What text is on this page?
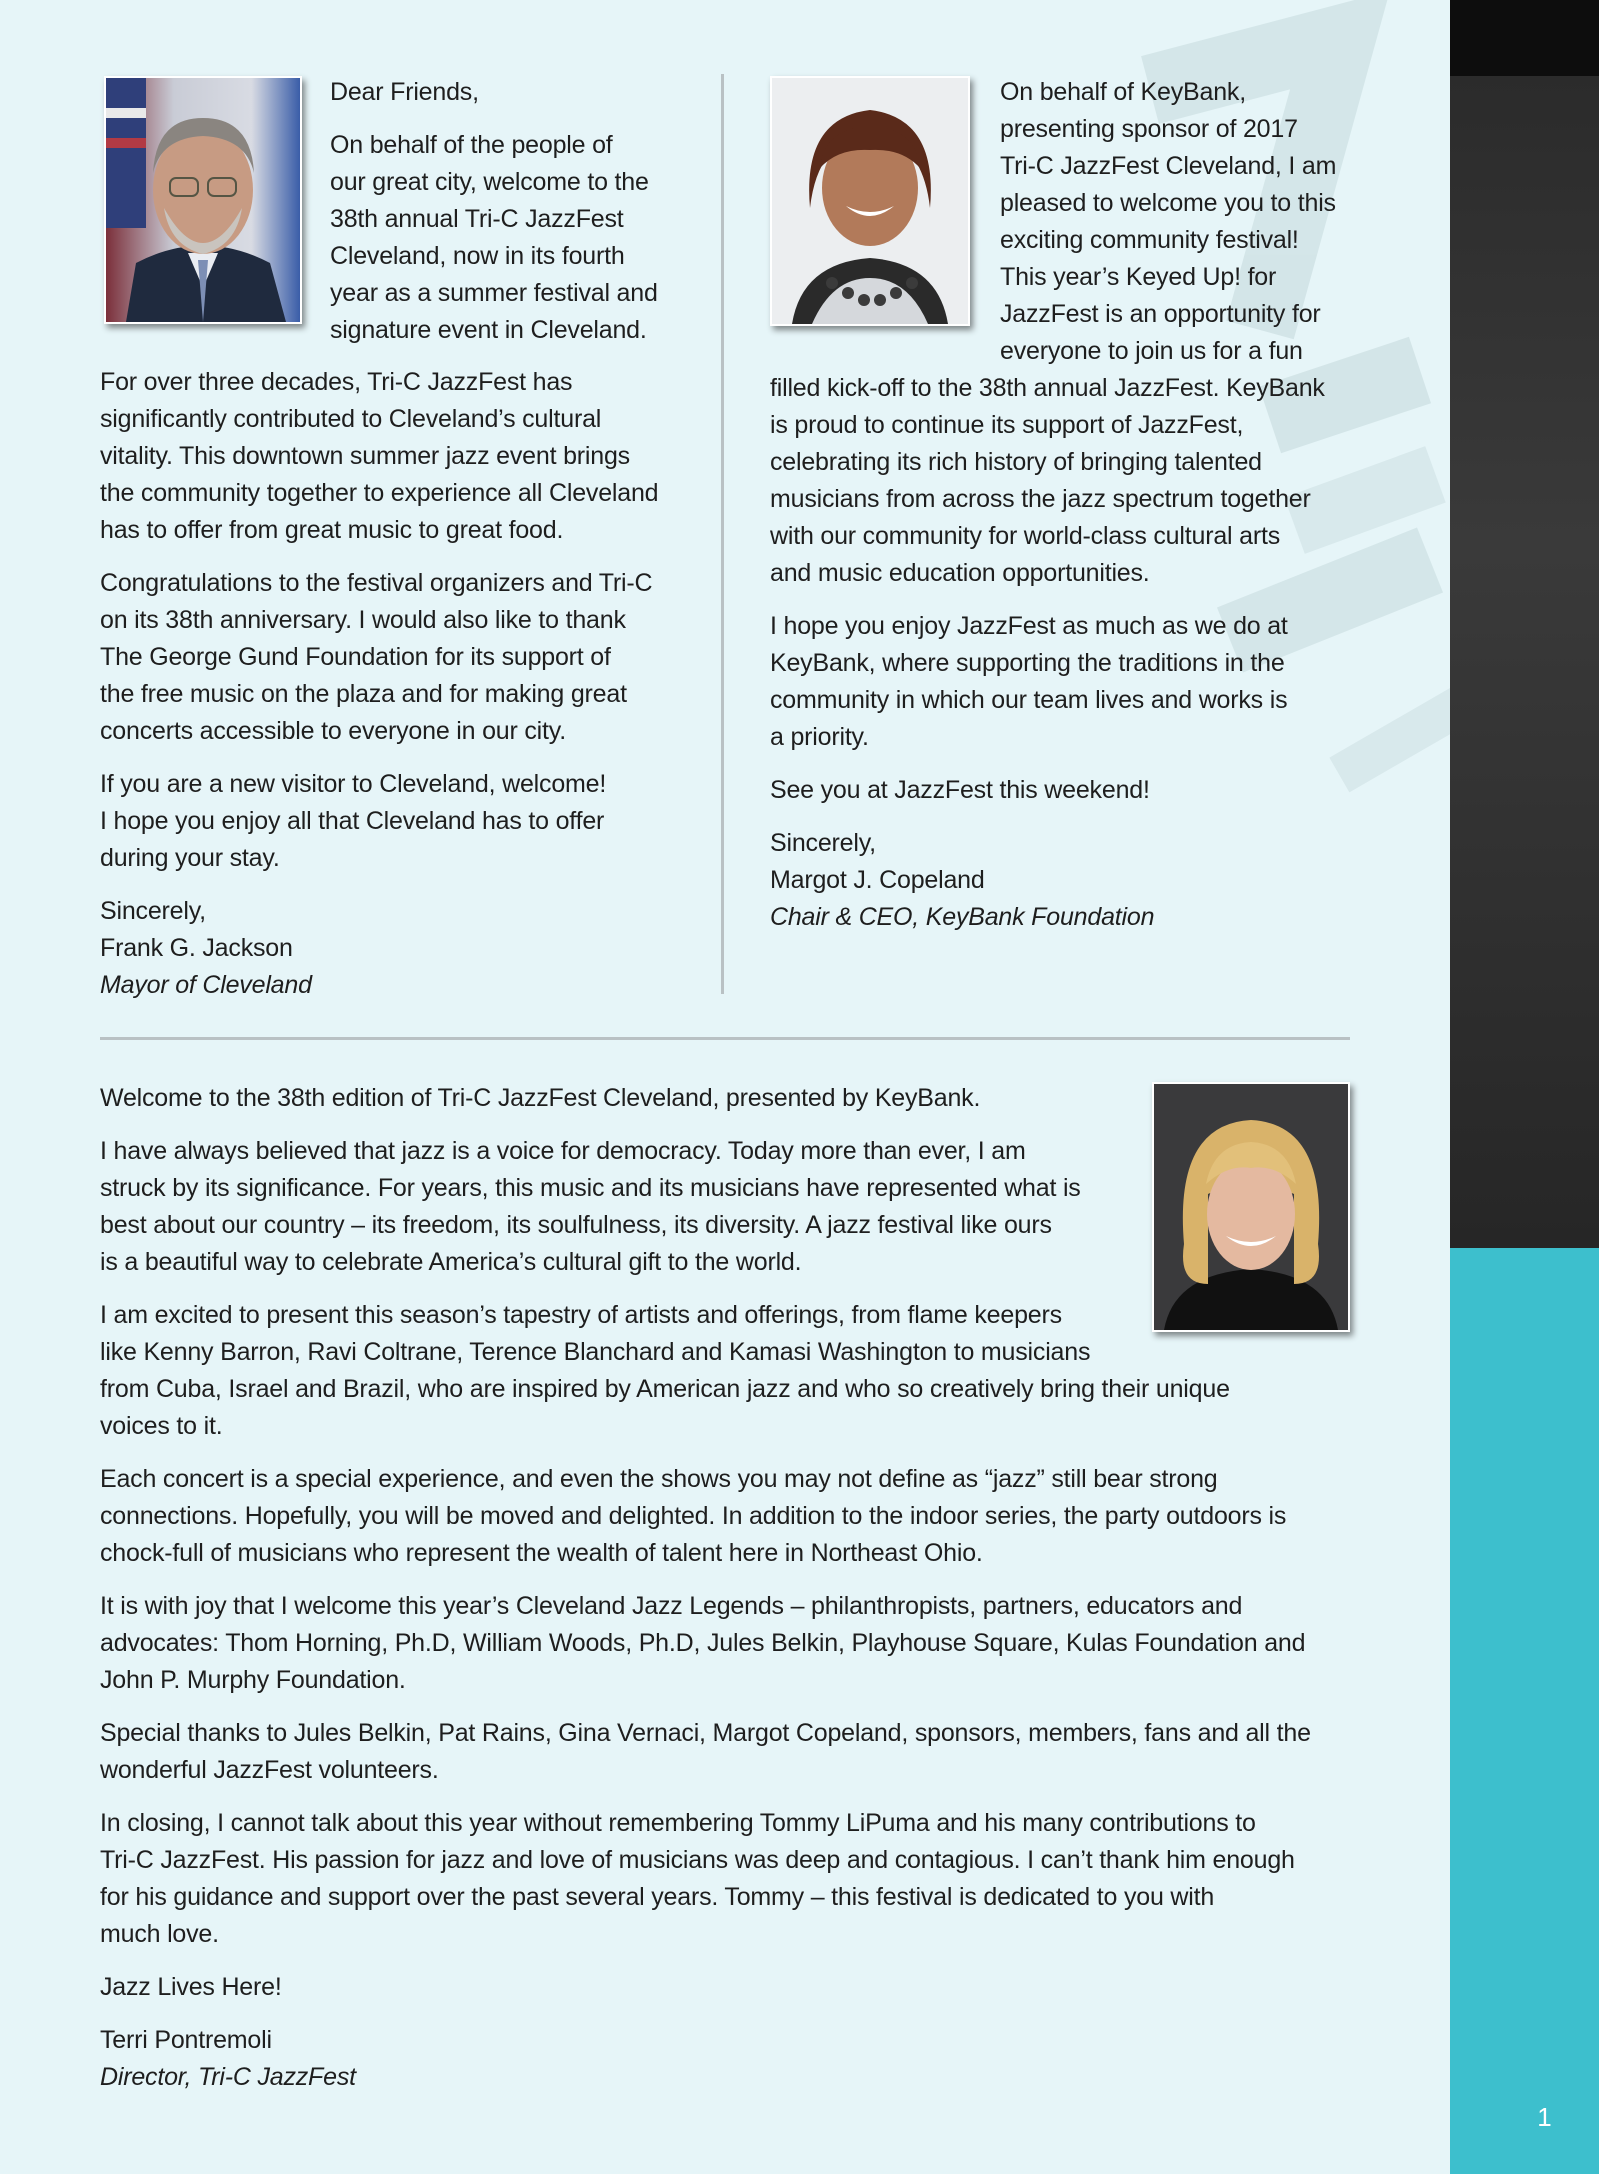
1

Dear Friends,

On behalf of the people of
our great city, welcome to the
38th annual Tri-C JazzFest
Cleveland, now in its fourth
year as a summer festival and
signature event in Cleveland.

For over three decades, Tri-C JazzFest has
significantly contributed to Cleveland’s cultural
vitality. This downtown summer jazz event brings
the community together to experience all Cleveland
has to offer from great music to great food.

Congratulations to the festival organizers and Tri-C
on its 38th anniversary. I would also like to thank
The George Gund Foundation for its support of
the free music on the plaza and for making great
concerts accessible to everyone in our city.

If you are a new visitor to Cleveland, welcome!
I hope you enjoy all that Cleveland has to offer
during your stay.

Sincerely,
Frank G. Jackson
Mayor of Cleveland

On behalf of KeyBank,
presenting sponsor of 2017
Tri-C JazzFest Cleveland, I am
pleased to welcome you to this
exciting community festival!
This year’s Keyed Up! for
JazzFest is an opportunity for
everyone to join us for a fun

filled kick-off to the 38th annual JazzFest. KeyBank
is proud to continue its support of JazzFest,
celebrating its rich history of bringing talented
musicians from across the jazz spectrum together
with our community for world-class cultural arts
and music education opportunities.

I hope you enjoy JazzFest as much as we do at
KeyBank, where supporting the traditions in the
community in which our team lives and works is
a priority.

See you at JazzFest this weekend!

Sincerely,
Margot J. Copeland
Chair & CEO, KeyBank Foundation

Welcome to the 38th edition of Tri-C JazzFest Cleveland, presented by KeyBank.

I have always believed that jazz is a voice for democracy. Today more than ever, I am
struck by its significance. For years, this music and its musicians have represented what is
best about our country – its freedom, its soulfulness, its diversity. A jazz festival like ours
is a beautiful way to celebrate America’s cultural gift to the world.

I am excited to present this season’s tapestry of artists and offerings, from flame keepers
like Kenny Barron, Ravi Coltrane, Terence Blanchard and Kamasi Washington to musicians
from Cuba, Israel and Brazil, who are inspired by American jazz and who so creatively bring their unique
voices to it.

Each concert is a special experience, and even the shows you may not define as “jazz” still bear strong
connections. Hopefully, you will be moved and delighted. In addition to the indoor series, the party outdoors is
chock-full of musicians who represent the wealth of talent here in Northeast Ohio.

It is with joy that I welcome this year’s Cleveland Jazz Legends – philanthropists, partners, educators and
advocates: Thom Horning, Ph.D, William Woods, Ph.D, Jules Belkin, Playhouse Square, Kulas Foundation and
John P. Murphy Foundation.

Special thanks to Jules Belkin, Pat Rains, Gina Vernaci, Margot Copeland, sponsors, members, fans and all the
wonderful JazzFest volunteers.

In closing, I cannot talk about this year without remembering Tommy LiPuma and his many contributions to
Tri-C JazzFest. His passion for jazz and love of musicians was deep and contagious. I can’t thank him enough
for his guidance and support over the past several years. Tommy – this festival is dedicated to you with
much love.

Jazz Lives Here!

Terri Pontremoli
Director, Tri-C JazzFest
